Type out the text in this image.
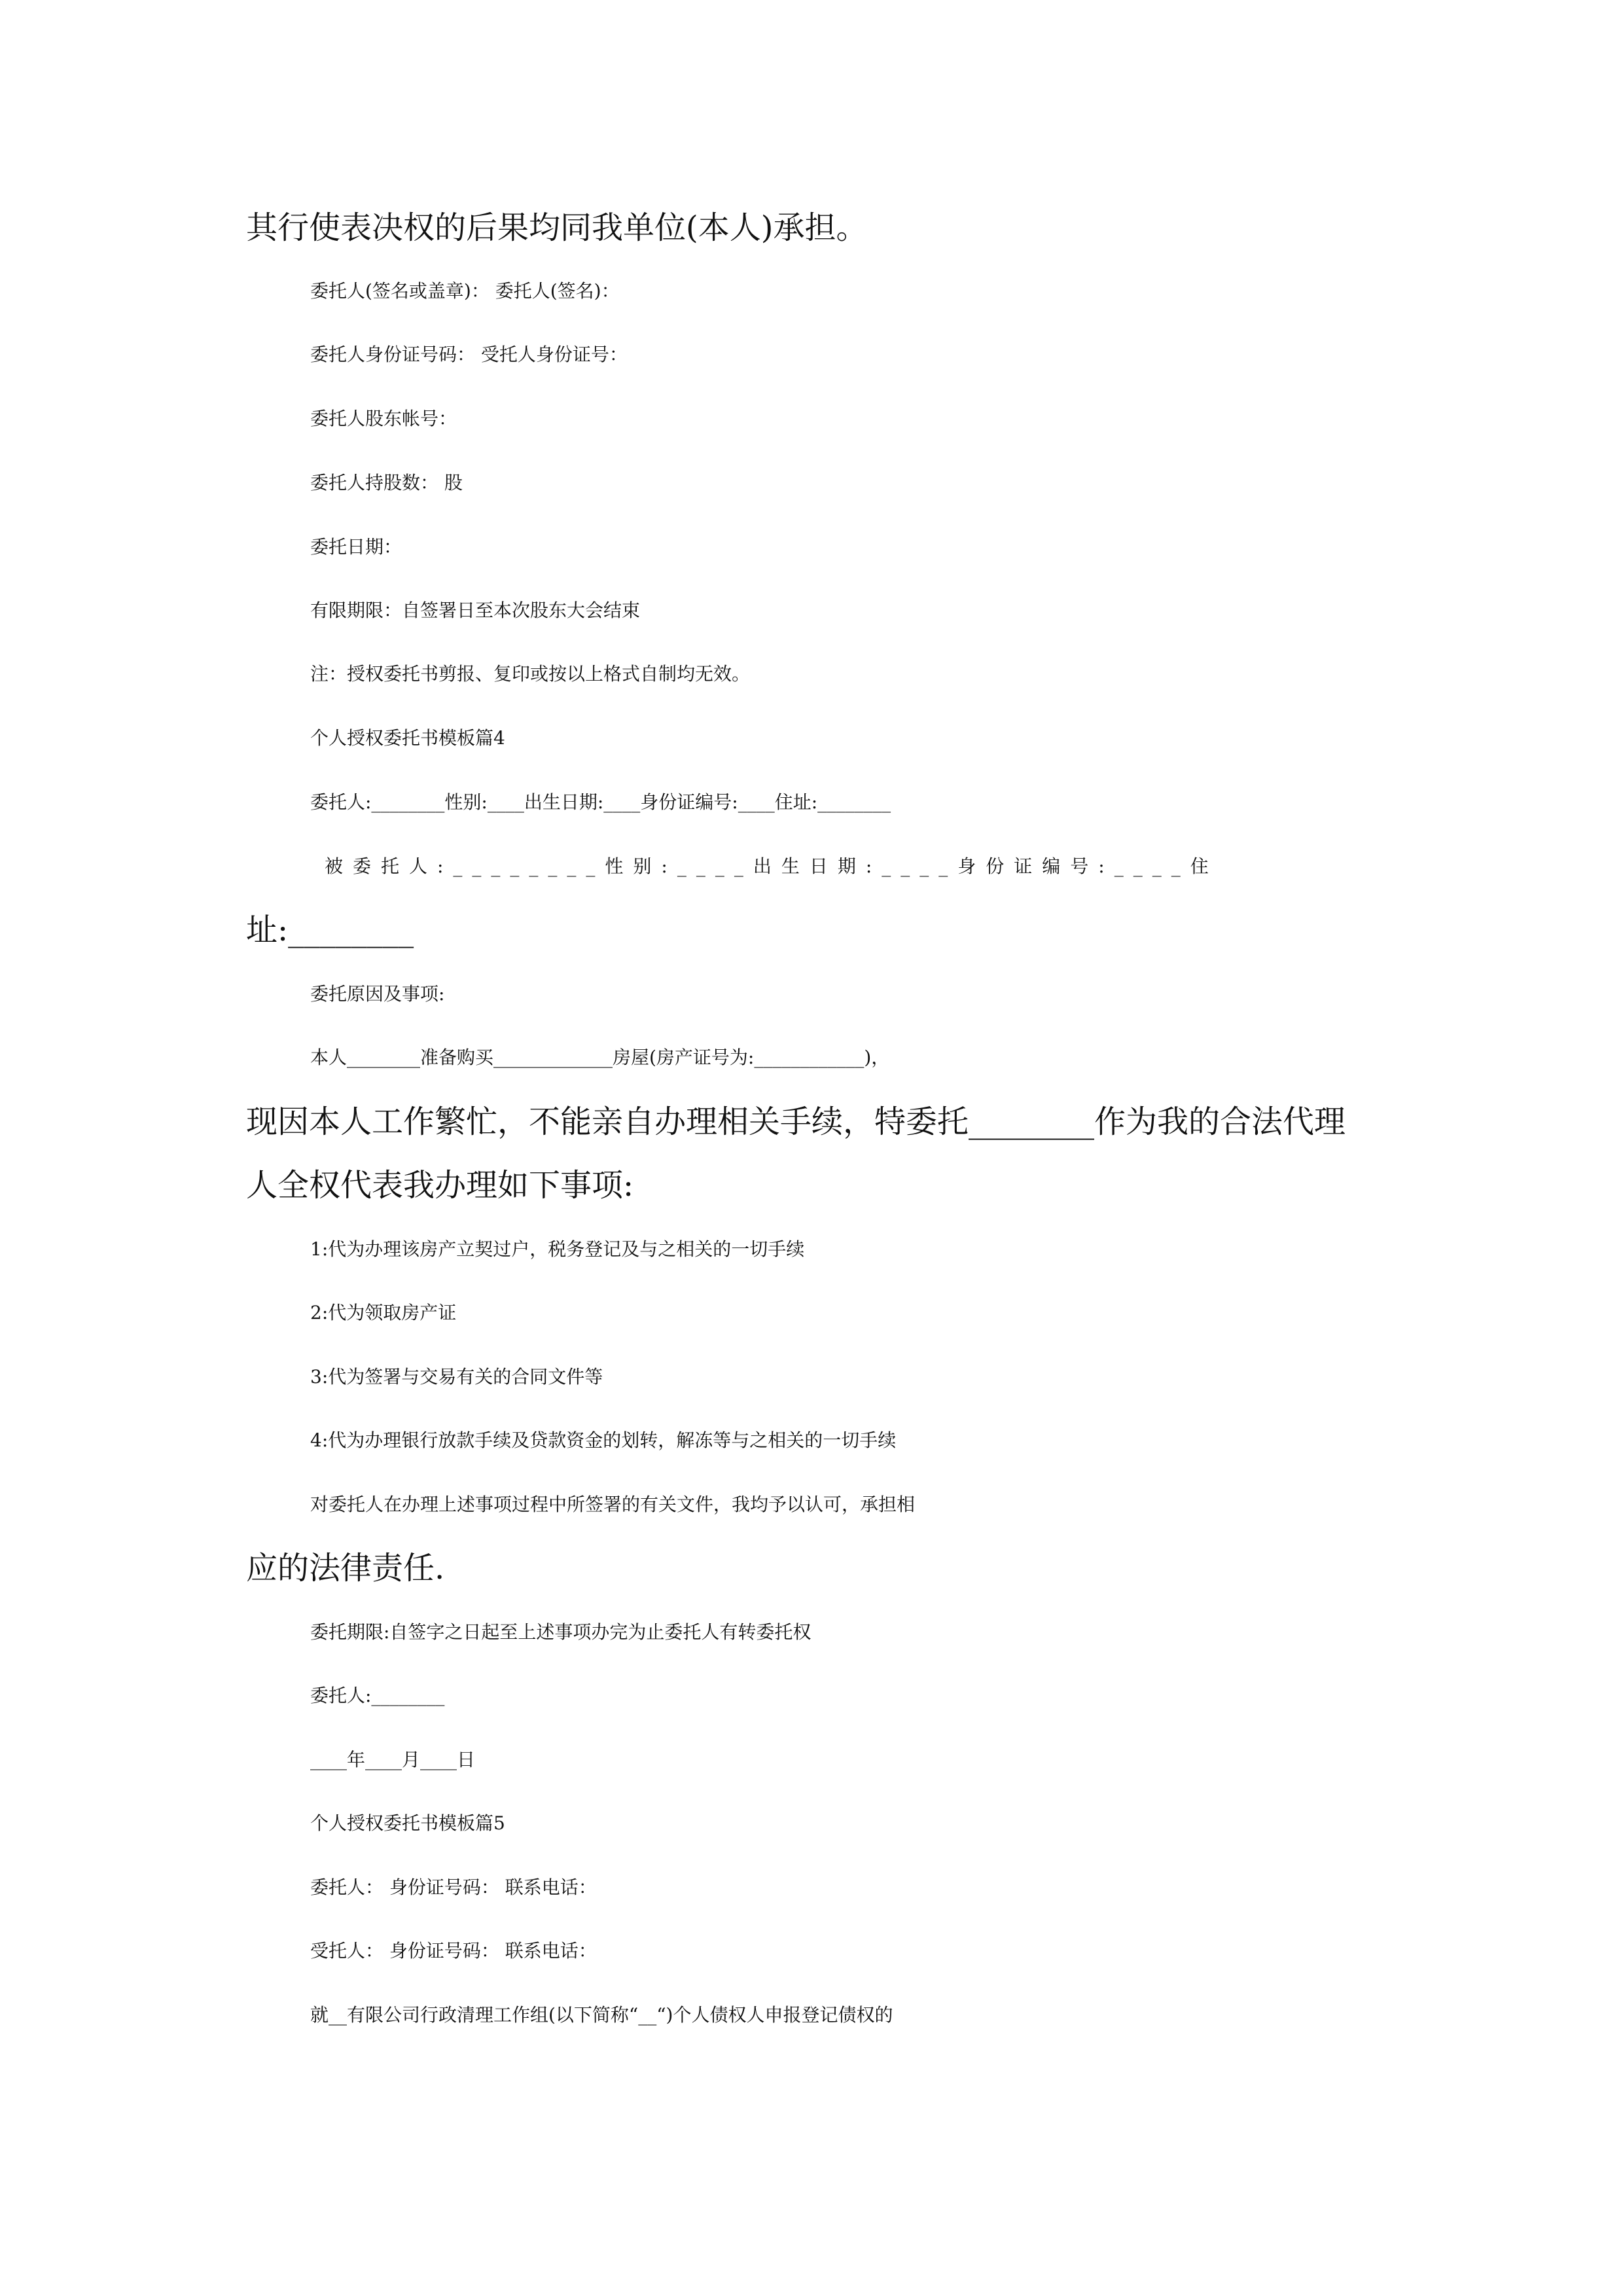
其行使表决权的后果均同我单位(本人)承担。
委托人(签名或盖章)： 委托人(签名)：
委托人身份证号码： 受托人身份证号：
委托人股东帐号：
委托人持股数： 股
委托日期：
有限期限：自签署日至本次股东大会结束
注：授权委托书剪报、复印或按以上格式自制均无效。
个人授权委托书模板篇4
委托人:________性别:____出生日期:____身份证编号:____住址:________
被委托人:________性别:____出生日期:____身份证编号:____住
址:________
委托原因及事项:
本人________准备购买_____________房屋(房产证号为:____________)，
现因本人工作繁忙，不能亲自办理相关手续，特委托________作为我的合法代理
人全权代表我办理如下事项:
1:代为办理该房产立契过户，税务登记及与之相关的一切手续
2:代为领取房产证
3:代为签署与交易有关的合同文件等
4:代为办理银行放款手续及贷款资金的划转，解冻等与之相关的一切手续
对委托人在办理上述事项过程中所签署的有关文件，我均予以认可，承担相
应的法律责任.
委托期限:自签字之日起至上述事项办完为止委托人有转委托权
委托人:________
____年____月____日
个人授权委托书模板篇5
委托人： 身份证号码： 联系电话：
受托人： 身份证号码： 联系电话：
就__有限公司行政清理工作组(以下简称“__“)个人债权人申报登记债权的
